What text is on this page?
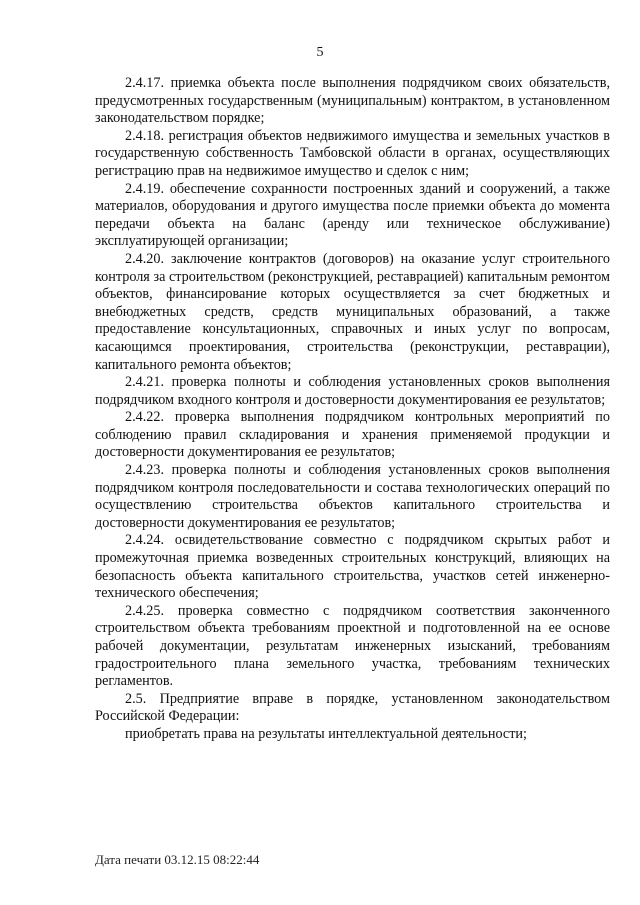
5

2.4.17. приемка объекта после выполнения подрядчиком своих обязательств, предусмотренных государственным (муниципальным) контрактом, в установленном законодательством порядке;

2.4.18. регистрация объектов недвижимого имущества и земельных участков в государственную собственность Тамбовской области в органах, осуществляющих регистрацию прав на недвижимое имущество и сделок с ним;

2.4.19. обеспечение сохранности построенных зданий и сооружений, а также материалов, оборудования и другого имущества после приемки объекта до момента передачи объекта на баланс (аренду или техническое обслуживание) эксплуатирующей организации;

2.4.20. заключение контрактов (договоров) на оказание услуг строительного контроля за строительством (реконструкцией, реставрацией) капитальным ремонтом объектов, финансирование которых осуществляется за счет бюджетных и внебюджетных средств, средств муниципальных образований, а также предоставление консультационных, справочных и иных услуг по вопросам, касающимся проектирования, строительства (реконструкции, реставрации), капитального ремонта объектов;

2.4.21. проверка полноты и соблюдения установленных сроков выполнения подрядчиком входного контроля и достоверности документирования ее результатов;

2.4.22. проверка выполнения подрядчиком контрольных мероприятий по соблюдению правил складирования и хранения применяемой продукции и достоверности документирования ее результатов;

2.4.23. проверка полноты и соблюдения установленных сроков выполнения подрядчиком контроля последовательности и состава технологических операций по осуществлению строительства объектов капитального строительства и достоверности документирования ее результатов;

2.4.24. освидетельствование совместно с подрядчиком скрытых работ и промежуточная приемка возведенных строительных конструкций, влияющих на безопасность объекта капитального строительства, участков сетей инженерно-технического обеспечения;

2.4.25. проверка совместно с подрядчиком соответствия законченного строительством объекта требованиям проектной и подготовленной на ее основе рабочей документации, результатам инженерных изысканий, требованиям градостроительного плана земельного участка, требованиям технических регламентов.

2.5. Предприятие вправе в порядке, установленном законодательством Российской Федерации:

приобретать права на результаты интеллектуальной деятельности;

Дата печати 03.12.15 08:22:44
